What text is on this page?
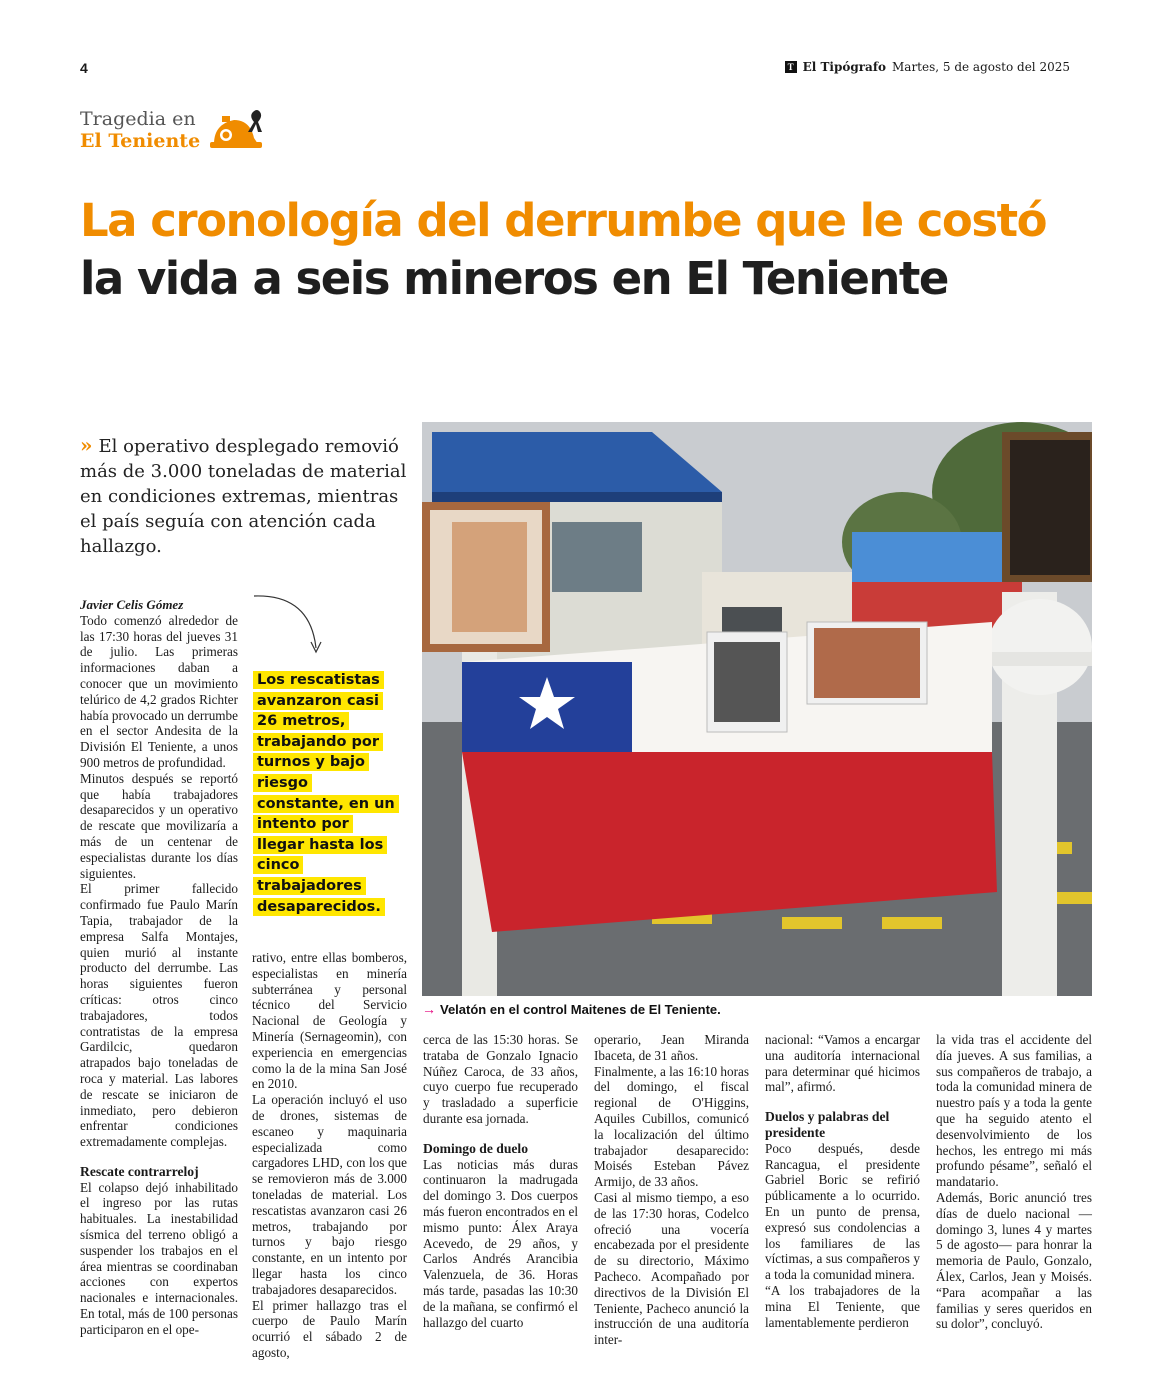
4	T El Tipógrafo Martes, 5 de agosto del 2025
Tragedia en
El Teniente
La cronología del derrumbe que le costó
la vida a seis mineros en El Teniente
» El operativo desplegado removió más de 3.000 toneladas de material en condiciones extremas, mientras el país seguía con atención cada hallazgo.
→ Velatón en el control Maitenes de El Teniente.
Los rescatistas avanzaron casi 26 metros, trabajando por turnos y bajo riesgo constante, en un intento por llegar hasta los cinco trabajadores desaparecidos.

Javier Celis Gómez

Todo comenzó alrededor de las 17:30 horas del jueves 31 de julio. Las primeras informaciones daban a conocer que un movimiento telúrico de 4,2 grados Richter había provocado un derrumbe en el sector Andesita de la División El Teniente, a unos 900 metros de profundidad.

Minutos después se reportó que había trabajadores desaparecidos y un operativo de rescate que movilizaría a más de un centenar de especialistas durante los días siguientes.

El primer fallecido confirmado fue Paulo Marín Tapia, trabajador de la empresa Salfa Montajes, quien murió al instante producto del derrumbe. Las horas siguientes fueron críticas: otros cinco trabajadores, todos contratistas de la empresa Gardilcic, quedaron atrapados bajo toneladas de roca y material. Las labores de rescate se iniciaron de inmediato, pero debieron enfrentar condiciones extremadamente complejas.

Rescate contrarreloj

El colapso dejó inhabilitado el ingreso por las rutas habituales. La inestabilidad sísmica del terreno obligó a suspender los trabajos en el área mientras se coordinaban acciones con expertos nacionales e internacionales. En total, más de 100 personas participaron en el ope-

rativo, entre ellas bomberos, especialistas en minería subterránea y personal técnico del Servicio Nacional de Geología y Minería (Sernageomin), con experiencia en emergencias como la de la mina San José en 2010.

La operación incluyó el uso de drones, sistemas de escaneo y maquinaria especializada como cargadores LHD, con los que se removieron más de 3.000 toneladas de material. Los rescatistas avanzaron casi 26 metros, trabajando por turnos y bajo riesgo constante, en un intento por llegar hasta los cinco trabajadores desaparecidos.

El primer hallazgo tras el cuerpo de Paulo Marín ocurrió el sábado 2 de agosto,

cerca de las 15:30 horas. Se trataba de Gonzalo Ignacio Núñez Caroca, de 33 años, cuyo cuerpo fue recuperado y trasladado a superficie durante esa jornada.

Domingo de duelo

Las noticias más duras continuaron la madrugada del domingo 3. Dos cuerpos más fueron encontrados en el mismo punto: Álex Araya Acevedo, de 29 años, y Carlos Andrés Arancibia Valenzuela, de 36. Horas más tarde, pasadas las 10:30 de la mañana, se confirmó el hallazgo del cuarto

operario, Jean Miranda Ibaceta, de 31 años.

Finalmente, a las 16:10 horas del domingo, el fiscal regional de O'Higgins, Aquiles Cubillos, comunicó la localización del último trabajador desaparecido: Moisés Esteban Pávez Armijo, de 33 años.

Casi al mismo tiempo, a eso de las 17:30 horas, Codelco ofreció una vocería encabezada por el presidente de su directorio, Máximo Pacheco. Acompañado por directivos de la División El Teniente, Pacheco anunció la instrucción de una auditoría inter-

nacional: “Vamos a encargar una auditoría internacional para determinar qué hicimos mal”, afirmó.

Duelos y palabras del presidente

Poco después, desde Rancagua, el presidente Gabriel Boric se refirió públicamente a lo ocurrido. En un punto de prensa, expresó sus condolencias a los familiares de las víctimas, a sus compañeros y a toda la comunidad minera.

“A los trabajadores de la mina El Teniente, que lamentablemente perdieron

la vida tras el accidente del día jueves. A sus familias, a sus compañeros de trabajo, a toda la comunidad minera de nuestro país y a toda la gente que ha seguido atento el desenvolvimiento de los hechos, les entrego mi más profundo pésame”, señaló el mandatario.

Además, Boric anunció tres días de duelo nacional —domingo 3, lunes 4 y martes 5 de agosto— para honrar la memoria de Paulo, Gonzalo, Álex, Carlos, Jean y Moisés. “Para acompañar a las familias y seres queridos en su dolor”, concluyó.
